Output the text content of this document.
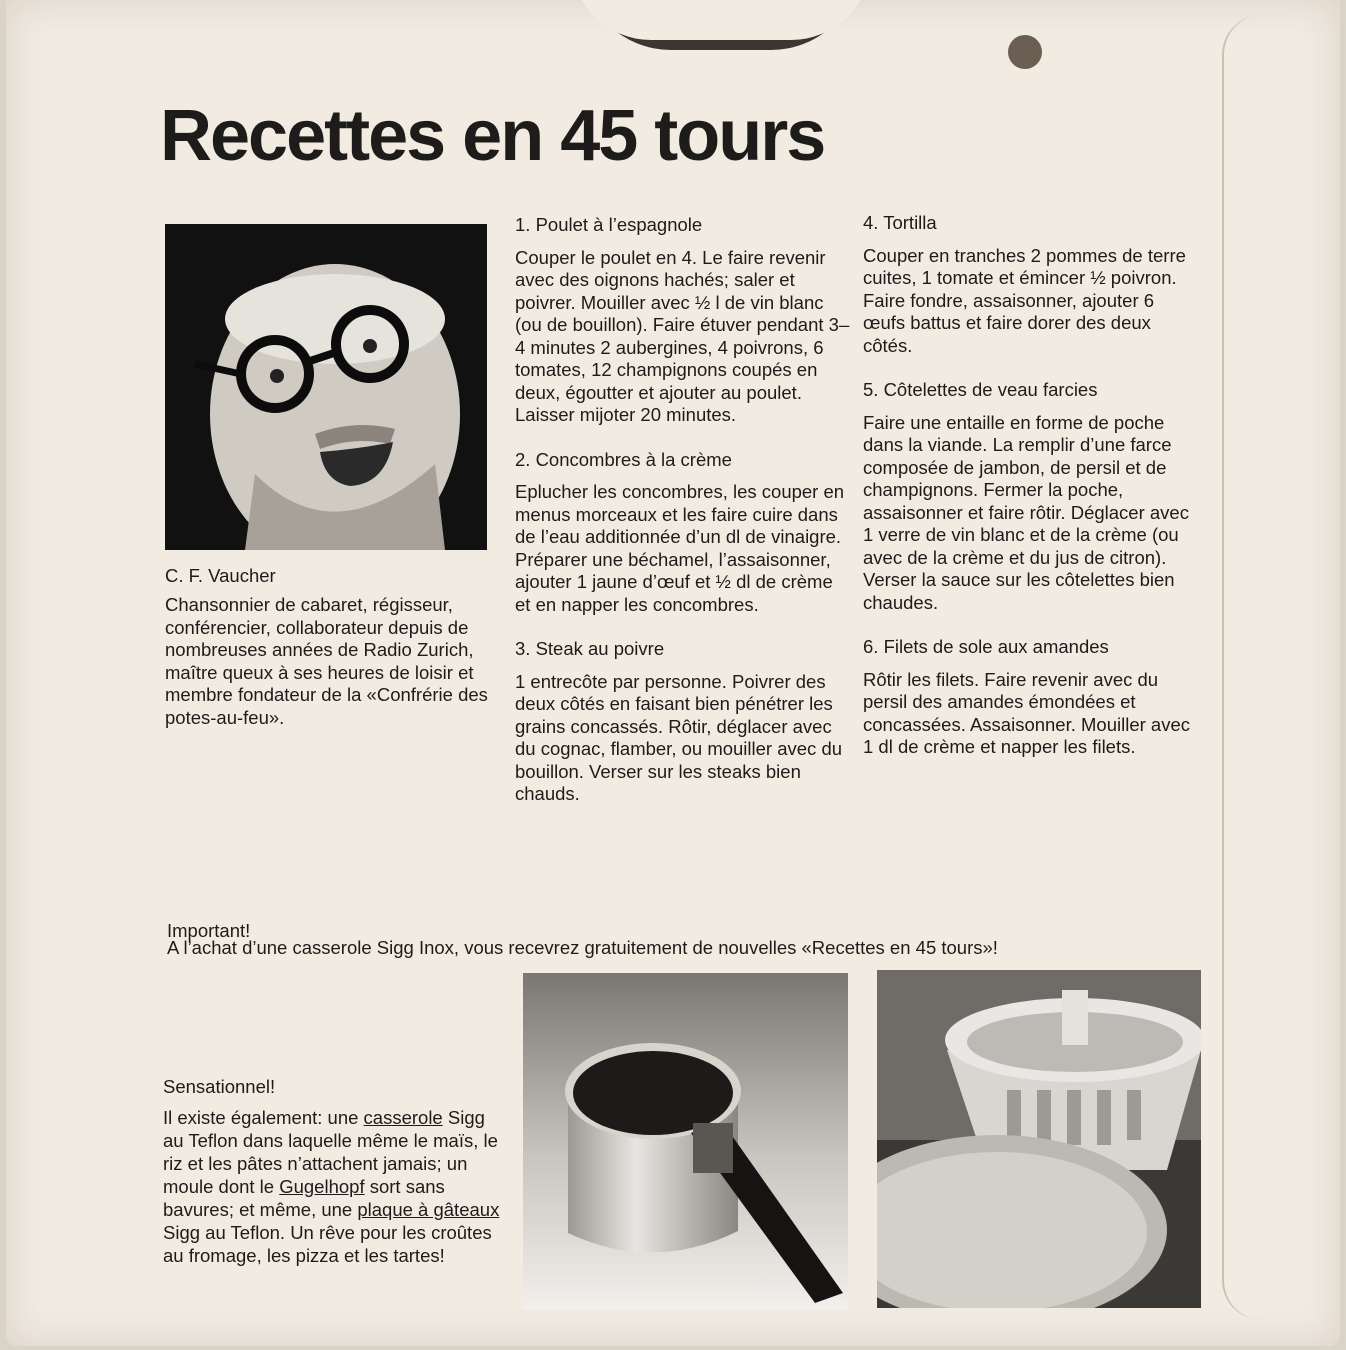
Recettes en 45 tours
C. F. Vaucher

Chansonnier de cabaret, régisseur, conférencier, collaborateur depuis de nombreuses années de Radio Zurich, maître queux à ses heures de loisir et membre fondateur de la «Confrérie des potes-au-feu».

1. Poulet à l’espagnole

Couper le poulet en 4. Le faire revenir avec des oignons hachés; saler et poivrer. Mouiller avec ½ l de vin blanc (ou de bouillon). Faire étuver pendant 3–4 minutes 2 aubergines, 4 poivrons, 6 tomates, 12 champignons coupés en deux, égoutter et ajouter au poulet. Laisser mijoter 20 minutes.

2. Concombres à la crème

Eplucher les concombres, les couper en menus morceaux et les faire cuire dans de l’eau additionnée d’un dl de vinaigre. Préparer une béchamel, l’assaisonner, ajouter 1 jaune d’œuf et ½ dl de crème et en napper les concombres.

3. Steak au poivre

1 entrecôte par personne. Poivrer des deux côtés en faisant bien pénétrer les grains concassés. Rôtir, déglacer avec du cognac, flamber, ou mouiller avec du bouillon. Verser sur les steaks bien chauds.

4. Tortilla

Couper en tranches 2 pommes de terre cuites, 1 tomate et émincer ½ poivron. Faire fondre, assaisonner, ajouter 6 œufs battus et faire dorer des deux côtés.

5. Côtelettes de veau farcies

Faire une entaille en forme de poche dans la viande. La remplir d’une farce composée de jambon, de persil et de champignons. Fermer la poche, assaisonner et faire rôtir. Déglacer avec 1 verre de vin blanc et de la crème (ou avec de la crème et du jus de citron). Verser la sauce sur les côtelettes bien chaudes.

6. Filets de sole aux amandes

Rôtir les filets. Faire revenir avec du persil des amandes émondées et concassées. Assaisonner. Mouiller avec 1 dl de crème et napper les filets.

Important!
A l’achat d’une casserole Sigg Inox, vous recevrez gratuitement de nouvelles «Recettes en 45 tours»!
Sensationnel!
Il existe également: une casserole Sigg au Teflon dans laquelle même le maïs, le riz et les pâtes n’attachent jamais; un moule dont le Gugelhopf sort sans bavures; et même, une plaque à gâteaux Sigg au Teflon. Un rêve pour les croûtes au fromage, les pizza et les tartes!
